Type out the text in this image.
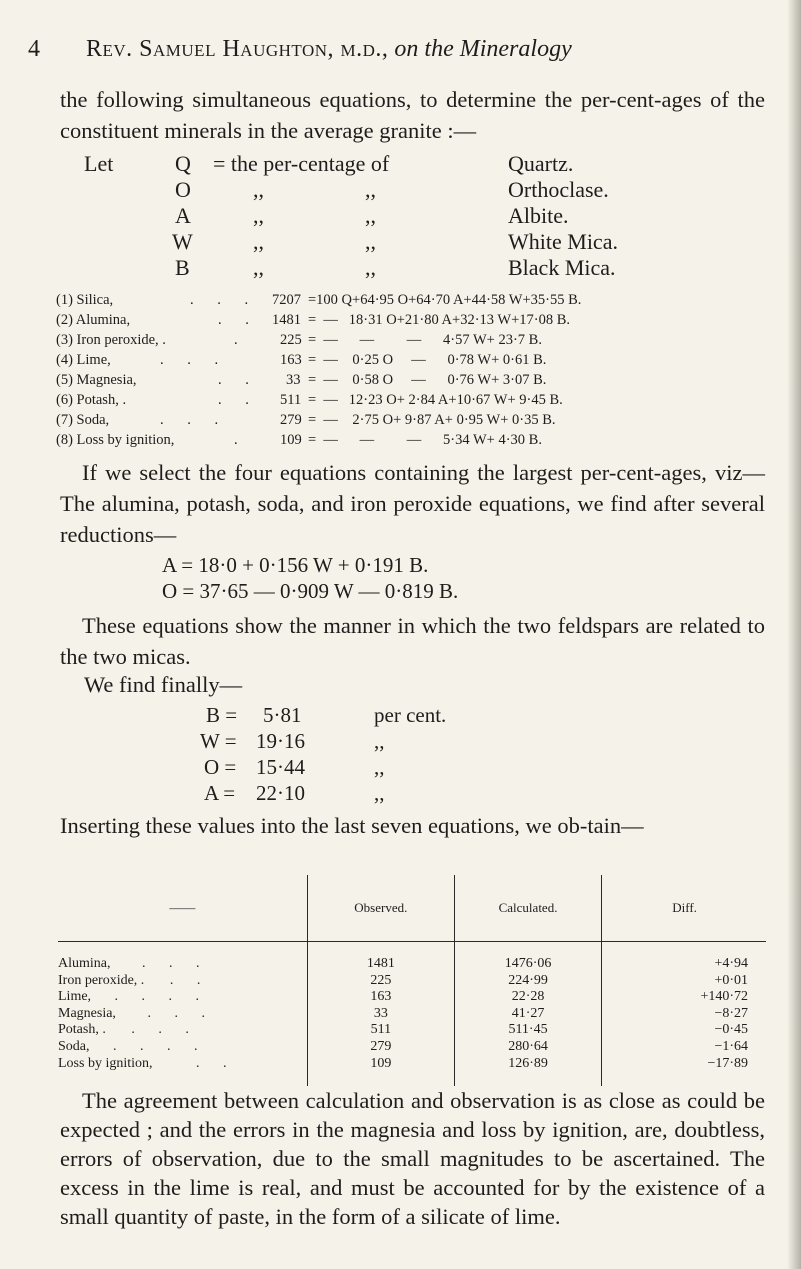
4 Rev. Samuel Haughton, m.d., on the Mineralogy
the following simultaneous equations, to determine the per-cent-ages of the constituent minerals in the average granite :—
Let	Q = the per-centage of	Quartz.
O	,,	,,	Orthoclase.
A	,,	,,	Albite.
W	,,	,,	White Mica.
B	,,	,,	Black Mica.
(1) Silica,	. . . 7207 =100 Q+64·95 O+64·70 A+44·58 W+35·55 B.
(2) Alumina,	. . 1481 =  —   18·31 O+21·80 A+32·13 W+17·08 B.
(3) Iron peroxide, .	. 225 =  —      —         —      4·57 W+ 23·7 B.
(4) Lime,	. . .	163 =  —    0·25 O     —      0·78 W+ 0·61 B.
(5) Magnesia,	. . 33 =  —    0·58 O     —      0·76 W+ 3·07 B.
(6) Potash, .	. . 511 =  —   12·23 O+ 2·84 A+10·67 W+ 9·45 B.
(7) Soda,	. . .	279 =  —    2·75 O+ 9·87 A+ 0·95 W+ 0·35 B.
(8) Loss by ignition,	. 109 =  —      —         —      5·34 W+ 4·30 B.
If we select the four equations containing the largest per-cent-ages, viz—The alumina, potash, soda, and iron peroxide equations, we find after several reductions—
A = 18·0 + 0·156 W + 0·191 B.
O = 37·65 — 0·909 W — 0·819 B.
These equations show the manner in which the two feldspars are related to the two micas.
We find finally—
B = 5·81	per cent.
W = 19·16	,,
O = 15·44	,,
A = 22·10	,,
Inserting these values into the last seven equations, we ob-tain—
——	Observed.	Calculated.	Diff.
Alumina, . . .	1481	1476·06	+4·94
Iron peroxide, . . .	225	224·99	+0·01
Lime, . . . .	163	22·28	+140·72
Magnesia, . . .	33	41·27	−8·27
Potash, . . . .	511	511·45	−0·45
Soda, . . . .	279	280·64	−1·64
Loss by ignition, . .	109	126·89	−17·89
The agreement between calculation and observation is as close as could be expected ; and the errors in the magnesia and loss by ignition, are, doubtless, errors of observation, due to the small magnitudes to be ascertained. The excess in the lime is real, and must be accounted for by the existence of a small quantity of paste, in the form of a silicate of lime.
